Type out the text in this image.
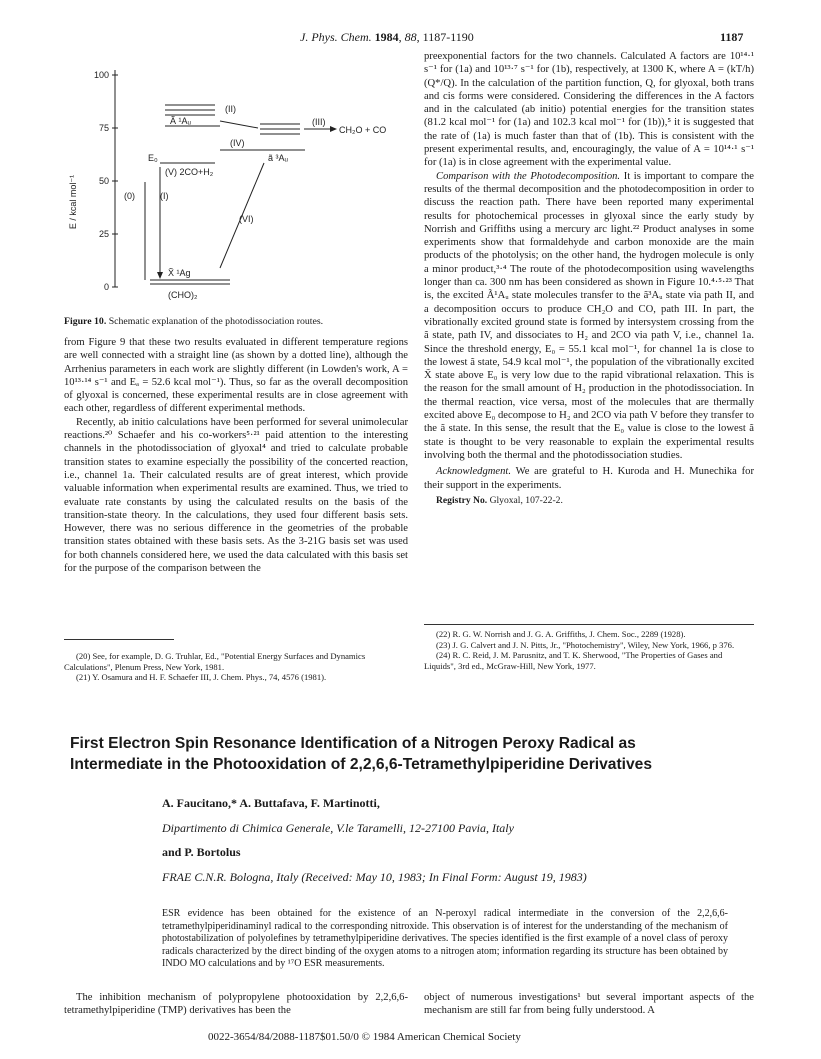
J. Phys. Chem. 1984, 88, 1187-1190	1187
100
75
50
25
0
E / kcal mol⁻¹
(II)
(III)
CH₂O + CO
(IV)
Ã ¹Aᵤ
ã ³Aᵤ
E₀
(V) 2CO+H₂
(0)	(I)
(VI)
X̃ ¹Ag
(CHO)₂
Figure 10. Schematic explanation of the photodissociation routes.

from Figure 9 that these two results evaluated in different temperature regions are well connected with a straight line (as shown by a dotted line), although the Arrhenius parameters in each work are slightly different (in Lowden's work, A = 10¹³·¹⁴ s⁻¹ and Eₐ = 52.6 kcal mol⁻¹). Thus, so far as the overall decomposition of glyoxal is concerned, these experimental results are in close agreement with each other, regardless of different experimental methods.

Recently, ab initio calculations have been performed for several unimolecular reactions.²⁰ Schaefer and his co-workers⁵·²¹ paid attention to the interesting channels in the photodissociation of glyoxal⁴ and tried to calculate probable transition states to examine especially the possibility of the concerted reaction, i.e., channel 1a. Their calculated results are of great interest, which provide valuable information when experimental results are examined. Thus, we tried to evaluate rate constants by using the calculated results on the basis of the transition-state theory. In the calculations, they used four different basis sets. However, there was no serious difference in the geometries of the probable transition states obtained with these basis sets. As the 3-21G basis set was used for both channels considered here, we used the data calculated with this basis set for the purpose of the comparison between the

(20) See, for example, D. G. Truhlar, Ed., "Potential Energy Surfaces and Dynamics Calculations", Plenum Press, New York, 1981.
(21) Y. Osamura and H. F. Schaefer III, J. Chem. Phys., 74, 4576 (1981).

preexponential factors for the two channels. Calculated A factors are 10¹⁴·¹ s⁻¹ for (1a) and 10¹³·⁷ s⁻¹ for (1b), respectively, at 1300 K, where A = (kT/h)(Q*/Q). In the calculation of the partition function, Q, for glyoxal, both trans and cis forms were considered. Considering the differences in the A factors and in the calculated (ab initio) potential energies for the transition states (81.2 kcal mol⁻¹ for (1a) and 102.3 kcal mol⁻¹ for (1b)),⁵ it is suggested that the rate of (1a) is much faster than that of (1b). This is consistent with the present experimental results, and, encouragingly, the value of A = 10¹⁴·¹ s⁻¹ for (1a) is in close agreement with the experimental value.

Comparison with the Photodecomposition. It is important to compare the results of the thermal decomposition and the photodecomposition in order to discuss the reaction path. There have been reported many experimental results for photochemical processes in glyoxal since the early study by Norrish and Griffiths using a mercury arc light.²² Product analyses in some experiments show that formaldehyde and carbon monoxide are the main products of the photolysis; on the other hand, the hydrogen molecule is only a minor product,³·⁴ The route of the photodecomposition using wavelengths longer than ca. 300 nm has been considered as shown in Figure 10.⁴·⁵·²³ That is, the excited Ã¹Aᵤ state molecules transfer to the ã³Aᵤ state via path II, and a decomposition occurs to produce CH₂O and CO, path III. In part, the vibrationally excited ground state is formed by intersystem crossing from the ã state, path IV, and dissociates to H₂ and 2CO via path V, i.e., channel 1a. Since the threshold energy, E₀ = 55.1 kcal mol⁻¹, for channel 1a is close to the lowest ã state, 54.9 kcal mol⁻¹, the population of the vibrationally excited X̃ state above E₀ is very low due to the rapid vibrational relaxation. This is the reason for the small amount of H₂ production in the photodissociation. In the thermal reaction, vice versa, most of the molecules that are thermally excited above E₀ decompose to H₂ and 2CO via path V before they transfer to the ã state. In this sense, the result that the E₀ value is close to the lowest ã state is thought to be very reasonable to explain the experimental results involving both the thermal and the photodissociation studies.

Acknowledgment. We are grateful to H. Kuroda and H. Munechika for their support in the experiments.

Registry No. Glyoxal, 107-22-2.

(22) R. G. W. Norrish and J. G. A. Griffiths, J. Chem. Soc., 2289 (1928).
(23) J. G. Calvert and J. N. Pitts, Jr., "Photochemistry", Wiley, New York, 1966, p 376.
(24) R. C. Reid, J. M. Parusnitz, and T. K. Sherwood, "The Properties of Gases and Liquids", 3rd ed., McGraw-Hill, New York, 1977.
First Electron Spin Resonance Identification of a Nitrogen Peroxy Radical as
Intermediate in the Photooxidation of 2,2,6,6-Tetramethylpiperidine Derivatives
A. Faucitano,* A. Buttafava, F. Martinotti,
Dipartimento di Chimica Generale, V.le Taramelli, 12-27100 Pavia, Italy
and P. Bortolus
FRAE C.N.R. Bologna, Italy (Received: May 10, 1983; In Final Form: August 19, 1983)
ESR evidence has been obtained for the existence of an N-peroxyl radical intermediate in the conversion of the 2,2,6,6-tetramethylpiperidinaminyl radical to the corresponding nitroxide. This observation is of interest for the understanding of the mechanism of photostabilization of polyolefines by tetramethylpiperidine derivatives. The species identified is the first example of a novel class of peroxy radicals characterized by the direct binding of the oxygen atoms to a nitrogen atom; information regarding its structure has been obtained by INDO MO calculations and by ¹⁷O ESR measurements.

The inhibition mechanism of polypropylene photooxidation by 2,2,6,6-tetramethylpiperidine (TMP) derivatives has been the

object of numerous investigations¹ but several important aspects of the mechanism are still far from being fully understood. A

0022-3654/84/2088-1187$01.50/0 © 1984 American Chemical Society
